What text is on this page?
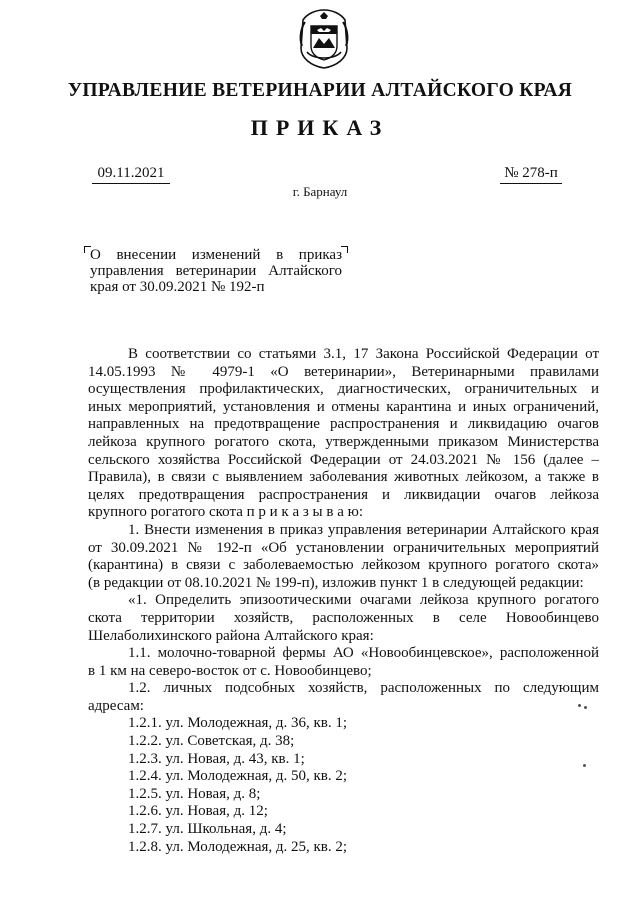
УПРАВЛЕНИЕ ВЕТЕРИНАРИИ АЛТАЙСКОГО КРАЯ
ПРИКАЗ
09.11.2021	№ 278-п
г. Барнаул
О внесении изменений в приказ управления ветеринарии Алтайского края от 30.09.2021 № 192-п

В соответствии со статьями 3.1, 17 Закона Российской Федерации от

14.05.1993 № 4979-1 «О ветеринарии», Ветеринарными правилами

осуществления профилактических, диагностических, ограничительных и

иных мероприятий, установления и отмены карантина и иных ограничений,

направленных на предотвращение распространения и ликвидацию очагов

лейкоза крупного рогатого скота, утвержденными приказом Министерства

сельского хозяйства Российской Федерации от 24.03.2021 № 156 (далее –

Правила), в связи с выявлением заболевания животных лейкозом, а также в

целях предотвращения распространения и ликвидации очагов лейкоза

крупного рогатого скота п р и к а з ы в а ю:

1. Внести изменения в приказ управления ветеринарии Алтайского края

от 30.09.2021 № 192-п «Об установлении ограничительных мероприятий

(карантина) в связи с заболеваемостью лейкозом крупного рогатого скота»

(в редакции от 08.10.2021 № 199-п), изложив пункт 1 в следующей редакции:

«1. Определить эпизоотическими очагами лейкоза крупного рогатого

скота территории хозяйств, расположенных в селе Новообинцево

Шелаболихинского района Алтайского края:

1.1. молочно-товарной фермы АО «Новообинцевское», расположенной

в 1 км на северо-восток от с. Новообинцево;

1.2. личных подсобных хозяйств, расположенных по следующим

адресам:

1.2.1. ул. Молодежная, д. 36, кв. 1;

1.2.2. ул. Советская, д. 38;

1.2.3. ул. Новая, д. 43, кв. 1;

1.2.4. ул. Молодежная, д. 50, кв. 2;

1.2.5. ул. Новая, д. 8;

1.2.6. ул. Новая, д. 12;

1.2.7. ул. Школьная, д. 4;

1.2.8. ул. Молодежная, д. 25, кв. 2;
